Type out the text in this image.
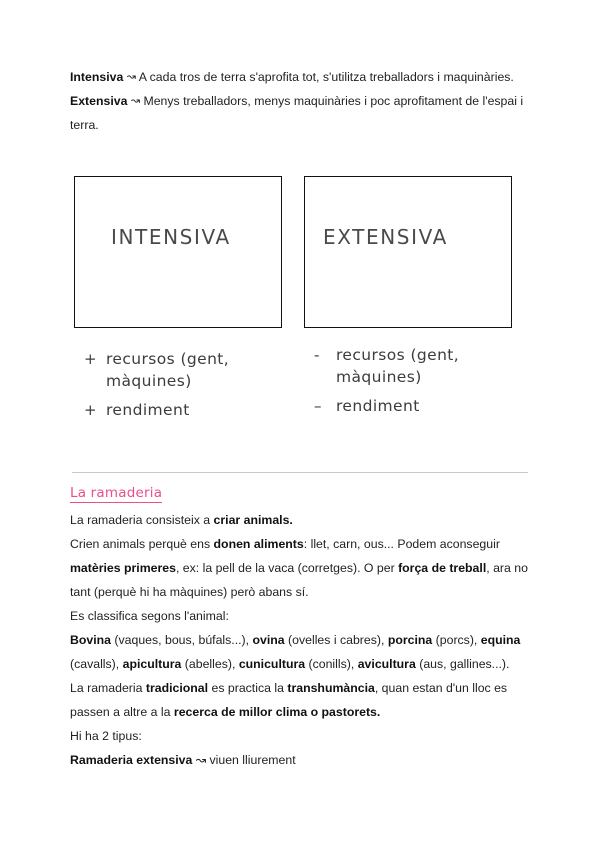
Intensiva ↝ A cada tros de terra s'aprofita tot, s'utilitza treballadors i maquinàries.
Extensiva ↝ Menys treballadors, menys maquinàries i poc aprofitament de l'espai i terra.
INTENSIVA	EXTENSIVA
+ recursos (gent, màquines)
+ rendiment
-	recursos (gent, màquines)
– rendiment
La ramaderia
La ramaderia consisteix a criar animals.
Crien animals perquè ens donen aliments: llet, carn, ous... Podem aconseguir matèries primeres, ex: la pell de la vaca (corretges). O per força de treball, ara no tant (perquè hi ha màquines) però abans sí.
Es classifica segons l'animal:
Bovina (vaques, bous, búfals...), ovina (ovelles i cabres), porcina (porcs), equina (cavalls), apicultura (abelles), cunicultura (conills), avicultura (aus, gallines...).
La ramaderia tradicional es practica la transhumància, quan estan d'un lloc es passen a altre a la recerca de millor clima o pastorets.
Hi ha 2 tipus:
Ramaderia extensiva ↝ viuen lliurement
